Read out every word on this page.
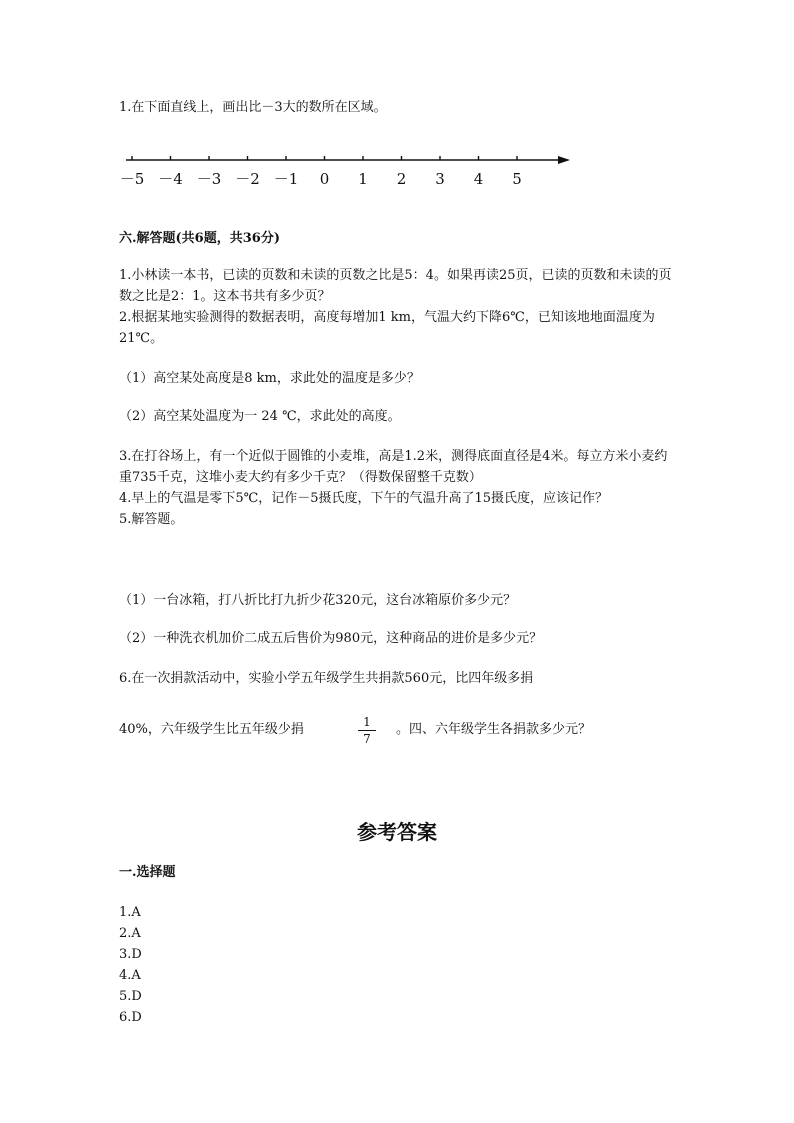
1.在下面直线上，画出比－3大的数所在区域。

－5 －4 －3 －2 －1 0 1 2 3 4 5

六.解答题(共6题，共36分)

1.小林读一本书，已读的页数和未读的页数之比是5：4。如果再读25页，已读的页数和未读的页数之比是2：1。这本书共有多少页？

2.根据某地实验测得的数据表明，高度每增加1 km，气温大约下降6℃，已知该地地面温度为21℃。

（1）高空某处高度是8 km，求此处的温度是多少？

（2）高空某处温度为一 24 ℃，求此处的高度。

3.在打谷场上，有一个近似于圆锥的小麦堆，高是1.2米，测得底面直径是4米。每立方米小麦约重735千克，这堆小麦大约有多少千克？（得数保留整千克数）

4.早上的气温是零下5℃，记作－5摄氏度，下午的气温升高了15摄氏度，应该记作？

5.解答题。

（1）一台冰箱，打八折比打九折少花320元，这台冰箱原价多少元？

（2）一种洗衣机加价二成五后售价为980元，这种商品的进价是多少元？

6.在一次捐款活动中，实验小学五年级学生共捐款560元，比四年级多捐

40%，六年级学生比五年级少捐	1
7

。四、六年级学生各捐款多少元？

参考答案

一.选择题

1.A

2.A

3.D

4.A

5.D

6.D
